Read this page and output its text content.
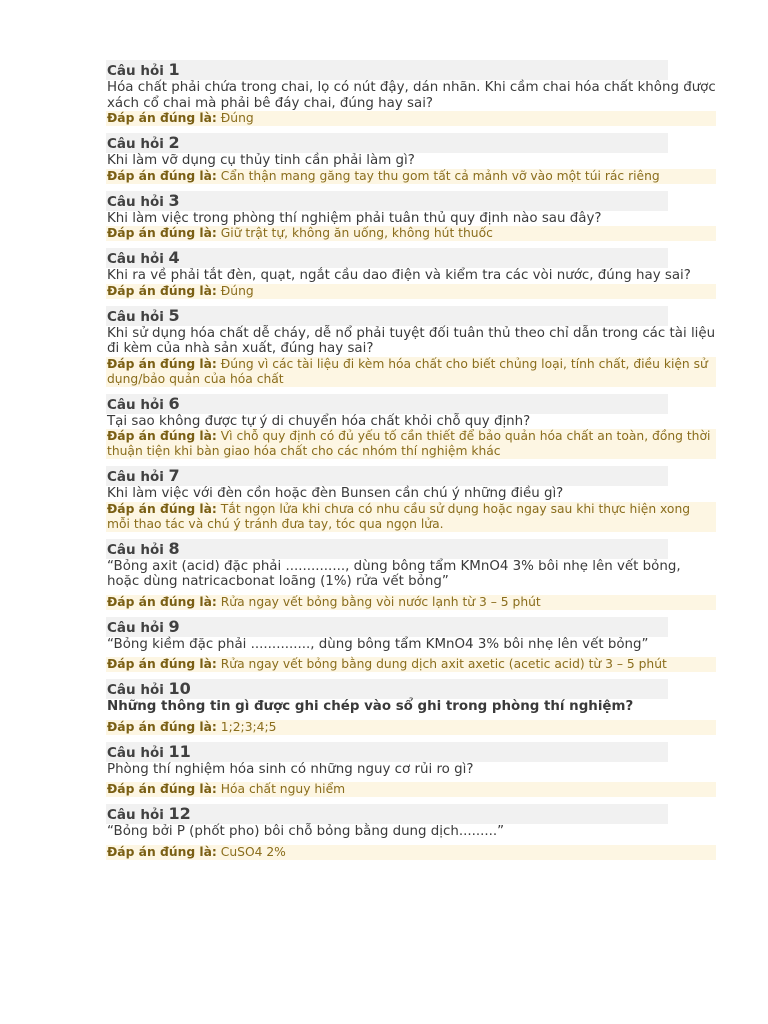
Câu hỏi 1
Hóa chất phải chứa trong chai, lọ có nút đậy, dán nhãn. Khi cầm chai hóa chất không được xách cổ chai mà phải bê đáy chai, đúng hay sai?
Đáp án đúng là: Đúng
Câu hỏi 2
Khi làm vỡ dụng cụ thủy tinh cần phải làm gì?
Đáp án đúng là: Cẩn thận mang găng tay thu gom tất cả mảnh vỡ vào một túi rác riêng
Câu hỏi 3
Khi làm việc trong phòng thí nghiệm phải tuân thủ quy định nào sau đây?
Đáp án đúng là: Giữ trật tự, không ăn uống, không hút thuốc
Câu hỏi 4
Khi ra về phải tắt đèn, quạt, ngắt cầu dao điện và kiểm tra các vòi nước, đúng hay sai?
Đáp án đúng là: Đúng
Câu hỏi 5
Khi sử dụng hóa chất dễ cháy, dễ nổ phải tuyệt đối tuân thủ theo chỉ dẫn trong các tài liệu đi kèm của nhà sản xuất, đúng hay sai?
Đáp án đúng là: Đúng vì các tài liệu đi kèm hóa chất cho biết chủng loại, tính chất, điều kiện sử dụng/bảo quản của hóa chất
Câu hỏi 6
Tại sao không được tự ý di chuyển hóa chất khỏi chỗ quy định?
Đáp án đúng là: Vì chỗ quy định có đủ yếu tố cần thiết để bảo quản hóa chất an toàn, đồng thời thuận tiện khi bàn giao hóa chất cho các nhóm thí nghiệm khác
Câu hỏi 7
Khi làm việc với đèn cồn hoặc đèn Bunsen cần chú ý những điều gì?
Đáp án đúng là: Tắt ngọn lửa khi chưa có nhu cầu sử dụng hoặc ngay sau khi thực hiện xong mỗi thao tác và chú ý tránh đưa tay, tóc qua ngọn lửa.
Câu hỏi 8
“Bỏng axit (acid) đặc phải .............., dùng bông tẩm KMnO4 3% bôi nhẹ lên vết bỏng, hoặc dùng natricacbonat loãng (1%) rửa vết bỏng”
Đáp án đúng là: Rửa ngay vết bỏng bằng vòi nước lạnh từ 3 – 5 phút
Câu hỏi 9
“Bỏng kiềm đặc phải .............., dùng bông tẩm KMnO4 3% bôi nhẹ lên vết bỏng”
Đáp án đúng là: Rửa ngay vết bỏng bằng dung dịch axit axetic (acetic acid) từ 3 – 5 phút
Câu hỏi 10
Những thông tin gì được ghi chép vào sổ ghi trong phòng thí nghiệm?
Đáp án đúng là: 1;2;3;4;5
Câu hỏi 11
Phòng thí nghiệm hóa sinh có những nguy cơ rủi ro gì?
Đáp án đúng là: Hóa chất nguy hiểm
Câu hỏi 12
“Bỏng bởi P (phốt pho) bôi chỗ bỏng bằng dung dịch.........”
Đáp án đúng là: CuSO4 2%
